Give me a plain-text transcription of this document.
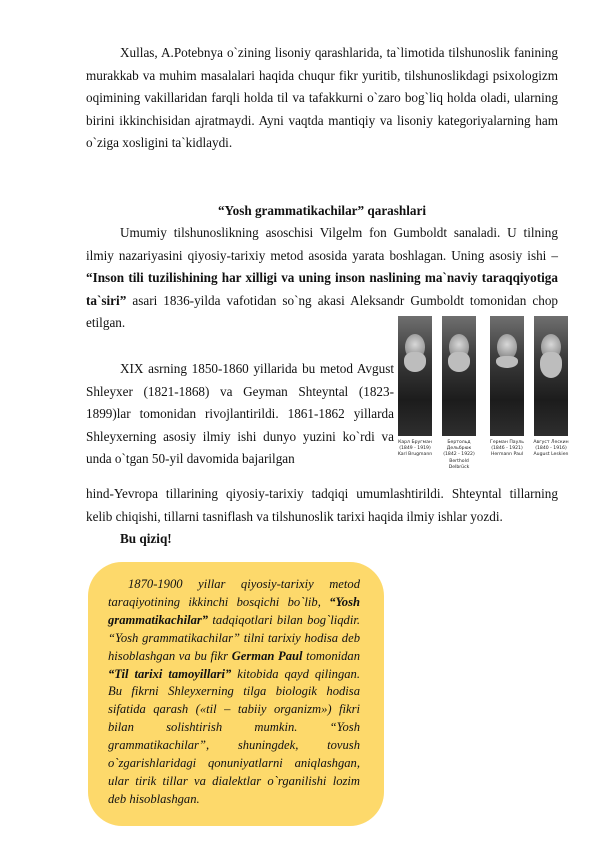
Xullas, A.Potebnya o`zining lisoniy qarashlarida, ta`limotida tilshunoslik fanining murakkab va muhim masalalari haqida chuqur fikr yuritib, tilshunoslikdagi psixologizm oqimining vakillaridan farqli holda til va tafakkurni o`zaro bog`liq holda oladi, ularning birini ikkinchisidan ajratmaydi. Ayni vaqtda mantiqiy va lisoniy kategoriyalarning ham o`ziga xosligini ta`kidlaydi.

“Yosh grammatikachilar” qarashlari

Umumiy tilshunoslikning asoschisi Vilgelm fon Gumboldt sanaladi. U tilning ilmiy nazariyasini qiyosiy-tarixiy metod asosida yarata boshlagan. Uning asosiy ishi – “Inson tili tuzilishining har xilligi va uning inson naslining ma`naviy taraqqiyotiga ta`siri” asari 1836-yilda vafotidan so`ng akasi Aleksandr Gumboldt tomonidan chop etilgan.

Карл Бругман
(1849 - 1919)
Karl Brugmann
Бертольд Дельбрюк
(1842 - 1922)
Berthold Delbrück
Герман Пауль
(1846 - 1921)
Hermann Paul
Август Лескин
(1840 - 1916)
August Leskien

XIX asrning 1850-1860 yillarida bu metod Avgust Shleyxer (1821-1868) va Geyman Shteyntal (1823-1899)lar tomonidan rivojlantirildi. 1861-1862 yillarda Shleyxerning asosiy ilmiy ishi dunyo yuzini ko`rdi va unda o`tgan 50-yil davomida bajarilgan

hind-Yevropa tillarining qiyosiy-tarixiy tadqiqi umumlashtirildi. Shteyntal tillarning kelib chiqishi, tillarni tasniflash va tilshunoslik tarixi haqida ilmiy ishlar yozdi.

Bu qiziq!

1870-1900 yillar qiyosiy-tarixiy metod taraqiyotining ikkinchi bosqichi bo`lib, “Yosh grammatikachilar” tadqiqotlari bilan bog`liqdir. “Yosh grammatikachilar” tilni tarixiy hodisa deb hisoblashgan va bu fikr German Paul tomonidan “Til tarixi tamoyillari” kitobida qayd qilingan. Bu fikrni Shleyxerning tilga biologik hodisa sifatida qarash («til – tabiiy organizm») fikri bilan solishtirish mumkin. “Yosh grammatikachilar”, shuningdek, tovush o`zgarishlaridagi qonuniyatlarni aniqlashgan, ular tirik tillar va dialektlar o`rganilishi lozim deb hisoblashgan.
